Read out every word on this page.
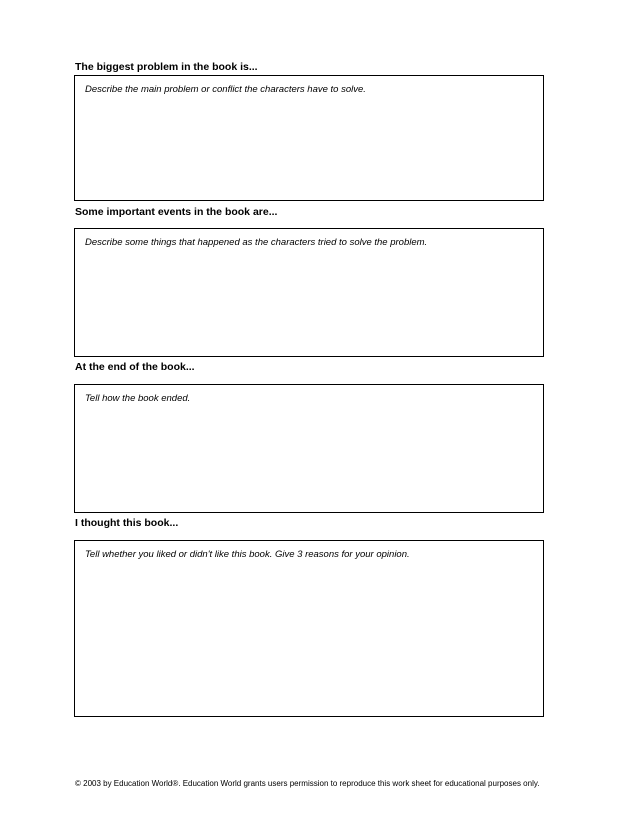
The biggest problem in the book is...
Describe the main problem or conflict the characters have to solve.
Some important events in the book are...
Describe some things that happened as the characters tried to solve the problem.
At the end of the book...
Tell how the book ended.
I thought this book...
Tell whether you liked or didn't like this book. Give 3 reasons for your opinion.
© 2003 by Education World®. Education World grants users permission to reproduce this work sheet for educational purposes only.
